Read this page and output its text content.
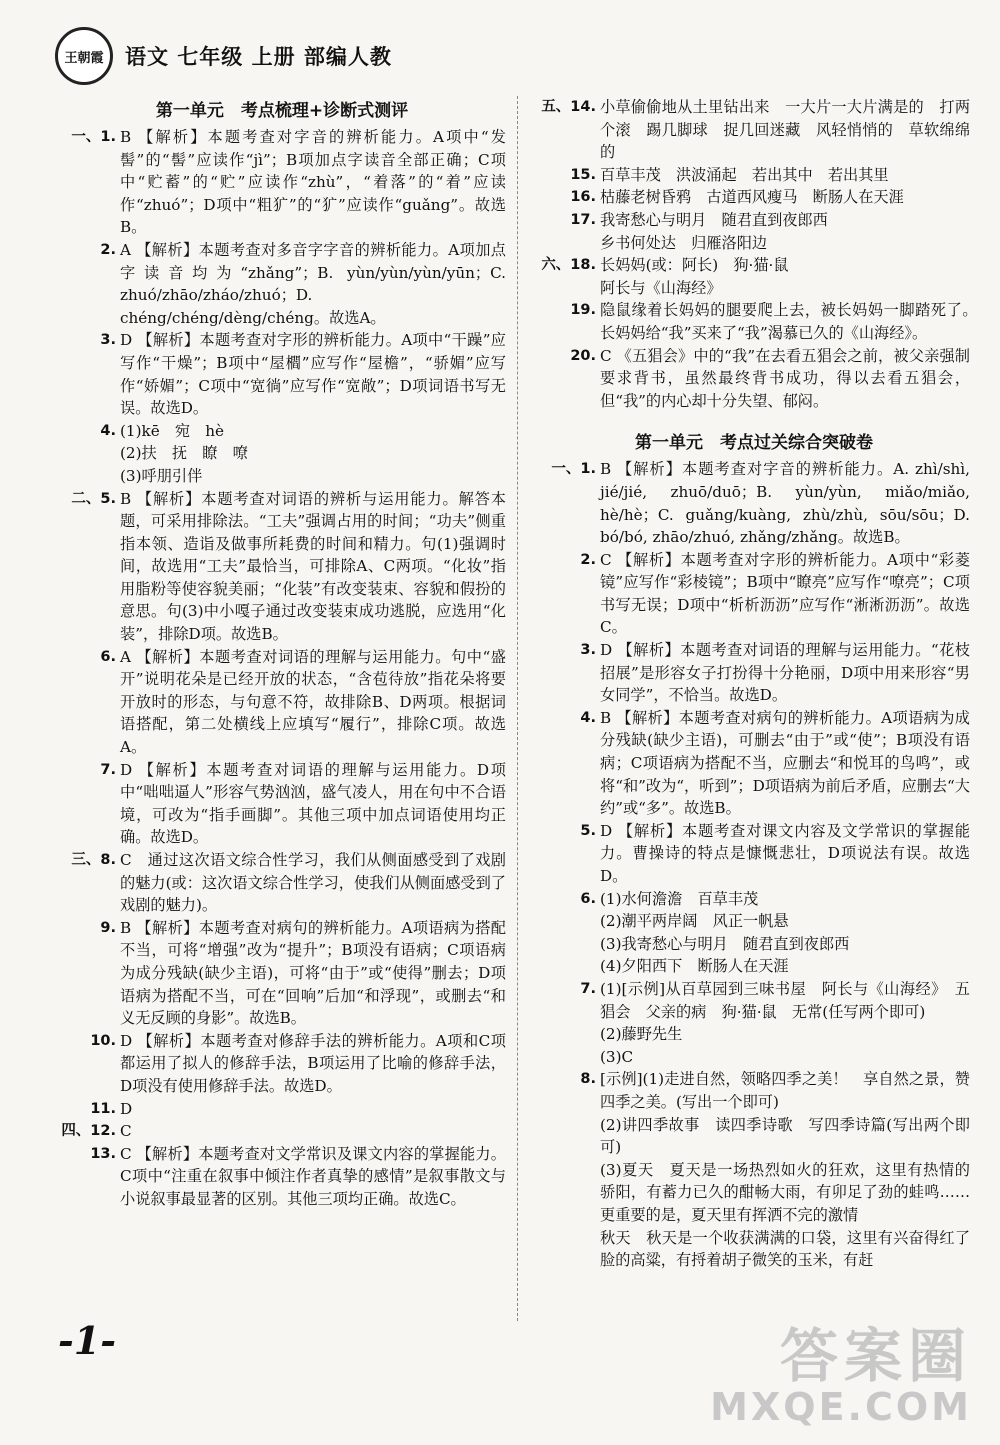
王朝霞	语文 七年级 上册 部编人教
第一单元　考点梳理+诊断式测评
一、1. B 【解析】本题考查对字音的辨析能力。A项中“发髻”的“髻”应读作“jì”；B项加点字读音全部正确；C项中“贮蓄”的“贮”应读作“zhù”，“着落”的“着”应读作“zhuó”；D项中“粗犷”的“犷”应读作“guǎng”。故选B。
2. A 【解析】本题考查对多音字字音的辨析能力。A项加点字读音均为“zhǎng”；B. yùn/yùn/yùn/yūn；C. zhuó/zhāo/zháo/zhuó；D. chéng/chéng/dèng/chéng。故选A。
3. D 【解析】本题考查对字形的辨析能力。A项中“干躁”应写作“干燥”；B项中“屋櫩”应写作“屋檐”，“骄媚”应写作“娇媚”；C项中“宽徜”应写作“宽敞”；D项词语书写无误。故选D。
4. (1)kē　宛　hè
(2)扶　抚　瞭　嘹
(3)呼朋引伴
二、5. B 【解析】本题考查对词语的辨析与运用能力。解答本题，可采用排除法。“工夫”强调占用的时间；“功夫”侧重指本领、造诣及做事所耗费的时间和精力。句(1)强调时间，故选用“工夫”最恰当，可排除A、C两项。“化妆”指用脂粉等使容貌美丽；“化装”有改变装束、容貌和假扮的意思。句(3)中小嘎子通过改变装束成功逃脱，应选用“化装”，排除D项。故选B。
6. A 【解析】本题考查对词语的理解与运用能力。句中“盛开”说明花朵是已经开放的状态，“含苞待放”指花朵将要开放时的形态，与句意不符，故排除B、D两项。根据词语搭配，第二处横线上应填写“履行”，排除C项。故选A。
7. D 【解析】本题考查对词语的理解与运用能力。D项中“咄咄逼人”形容气势汹汹，盛气凌人，用在句中不合语境，可改为“指手画脚”。其他三项中加点词语使用均正确。故选D。
三、8. C　通过这次语文综合性学习，我们从侧面感受到了戏剧的魅力(或：这次语文综合性学习，使我们从侧面感受到了戏剧的魅力)。
9. B 【解析】本题考查对病句的辨析能力。A项语病为搭配不当，可将“增强”改为“提升”；B项没有语病；C项语病为成分残缺(缺少主语)，可将“由于”或“使得”删去；D项语病为搭配不当，可在“回响”后加“和浮现”，或删去“和义无反顾的身影”。故选B。
10. D 【解析】本题考查对修辞手法的辨析能力。A项和C项都运用了拟人的修辞手法，B项运用了比喻的修辞手法，D项没有使用修辞手法。故选D。
11. D
四、12. C
13. C 【解析】本题考查对文学常识及课文内容的掌握能力。C项中“注重在叙事中倾注作者真挚的感情”是叙事散文与小说叙事最显著的区别。其他三项均正确。故选C。
五、14. 小草偷偷地从土里钻出来　一大片一大片满是的　打两个滚　踢几脚球　捉几回迷藏　风轻悄悄的　草软绵绵的
15. 百草丰茂　洪波涌起　若出其中　若出其里
16. 枯藤老树昏鸦　古道西风瘦马　断肠人在天涯
17. 我寄愁心与明月　随君直到夜郎西
乡书何处达　归雁洛阳边
六、18. 长妈妈(或：阿长)　狗·猫·鼠
阿长与《山海经》
19. 隐鼠缘着长妈妈的腿要爬上去，被长妈妈一脚踏死了。　长妈妈给“我”买来了“我”渴慕已久的《山海经》。
20. C 《五猖会》中的“我”在去看五猖会之前，被父亲强制要求背书，虽然最终背书成功，得以去看五猖会，但“我”的内心却十分失望、郁闷。
第一单元　考点过关综合突破卷
一、1. B 【解析】本题考查对字音的辨析能力。A. zhì/shì, jié/jié, zhuō/duō；B. yùn/yùn, miǎo/miǎo, hè/hè；C. guǎng/kuàng, zhù/zhù, sōu/sōu；D. bó/bó, zhāo/zhuó, zhǎng/zhǎng。故选B。
2. C 【解析】本题考查对字形的辨析能力。A项中“彩菱镜”应写作“彩棱镜”；B项中“瞭亮”应写作“嘹亮”；C项书写无误；D项中“析析沥沥”应写作“淅淅沥沥”。故选C。
3. D 【解析】本题考查对词语的理解与运用能力。“花枝招展”是形容女子打扮得十分艳丽，D项中用来形容“男女同学”，不恰当。故选D。
4. B 【解析】本题考查对病句的辨析能力。A项语病为成分残缺(缺少主语)，可删去“由于”或“使”；B项没有语病；C项语病为搭配不当，应删去“和悦耳的鸟鸣”，或将“和”改为“，听到”；D项语病为前后矛盾，应删去“大约”或“多”。故选B。
5. D 【解析】本题考查对课文内容及文学常识的掌握能力。曹操诗的特点是慷慨悲壮，D项说法有误。故选D。
6. (1)水何澹澹　百草丰茂
(2)潮平两岸阔　风正一帆悬
(3)我寄愁心与明月　随君直到夜郎西
(4)夕阳西下　断肠人在天涯
7. (1)[示例]从百草园到三味书屋　阿长与《山海经》　五猖会　父亲的病　狗·猫·鼠　无常(任写两个即可)
(2)藤野先生
(3)C
8. [示例](1)走进自然，领略四季之美！　享自然之景，赞四季之美。(写出一个即可)
(2)讲四季故事　读四季诗歌　写四季诗篇(写出两个即可)
(3)夏天　夏天是一场热烈如火的狂欢，这里有热情的骄阳，有蓄力已久的酣畅大雨，有卯足了劲的蛙鸣……更重要的是，夏天里有挥洒不完的激情
秋天　秋天是一个收获满满的口袋，这里有兴奋得红了脸的高粱，有捋着胡子微笑的玉米，有赶
-1-	答案圈
MXQE.COM
